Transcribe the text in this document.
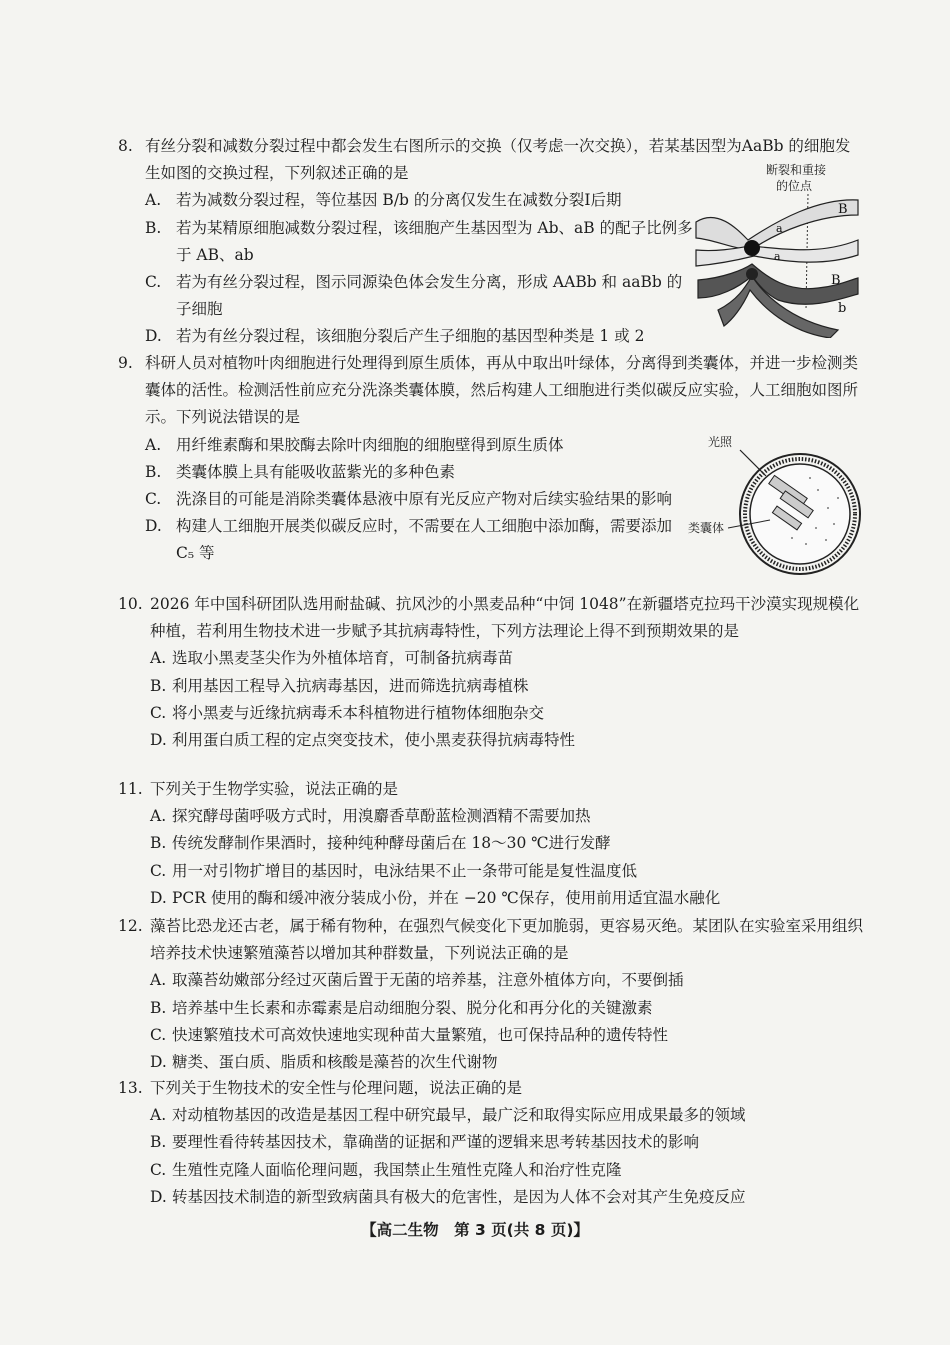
8. 有丝分裂和减数分裂过程中都会发生右图所示的交换（仅考虑一次交换），若某基因型为AaBb 的细胞发生如图的交换过程，下列叙述正确的是
A. 若为减数分裂过程，等位基因 B/b 的分离仅发生在减数分裂Ⅰ后期
B. 若为某精原细胞减数分裂过程，该细胞产生基因型为 Ab、aB 的配子比例多于 AB、ab
C. 若为有丝分裂过程，图示同源染色体会发生分离，形成 AABb 和 aaBb 的子细胞
D. 若为有丝分裂过程，该细胞分裂后产生子细胞的基因型种类是 1 或 2
断裂和重接
的位点
B
B
b
a
a
9. 科研人员对植物叶肉细胞进行处理得到原生质体，再从中取出叶绿体，分离得到类囊体，并进一步检测类囊体的活性。检测活性前应充分洗涤类囊体膜，然后构建人工细胞进行类似碳反应实验，人工细胞如图所示。下列说法错误的是
A. 用纤维素酶和果胶酶去除叶肉细胞的细胞壁得到原生质体
B. 类囊体膜上具有能吸收蓝紫光的多种色素
C. 洗涤目的可能是消除类囊体悬液中原有光反应产物对后续实验结果的影响
D. 构建人工细胞开展类似碳反应时，不需要在人工细胞中添加酶，需要添加 C₅ 等
光照
类囊体
10. 2026 年中国科研团队选用耐盐碱、抗风沙的小黑麦品种“中饲 1048”在新疆塔克拉玛干沙漠实现规模化种植，若利用生物技术进一步赋予其抗病毒特性，下列方法理论上得不到预期效果的是
A. 选取小黑麦茎尖作为外植体培育，可制备抗病毒苗
B. 利用基因工程导入抗病毒基因，进而筛选抗病毒植株
C. 将小黑麦与近缘抗病毒禾本科植物进行植物体细胞杂交
D. 利用蛋白质工程的定点突变技术，使小黑麦获得抗病毒特性
11. 下列关于生物学实验，说法正确的是
A. 探究酵母菌呼吸方式时，用溴麝香草酚蓝检测酒精不需要加热
B. 传统发酵制作果酒时，接种纯种酵母菌后在 18～30 ℃进行发酵
C. 用一对引物扩增目的基因时，电泳结果不止一条带可能是复性温度低
D. PCR 使用的酶和缓冲液分装成小份，并在 −20 ℃保存，使用前用适宜温水融化
12. 藻苔比恐龙还古老，属于稀有物种，在强烈气候变化下更加脆弱，更容易灭绝。某团队在实验室采用组织培养技术快速繁殖藻苔以增加其种群数量，下列说法正确的是
A. 取藻苔幼嫩部分经过灭菌后置于无菌的培养基，注意外植体方向，不要倒插
B. 培养基中生长素和赤霉素是启动细胞分裂、脱分化和再分化的关键激素
C. 快速繁殖技术可高效快速地实现种苗大量繁殖，也可保持品种的遗传特性
D. 糖类、蛋白质、脂质和核酸是藻苔的次生代谢物
13. 下列关于生物技术的安全性与伦理问题，说法正确的是
A. 对动植物基因的改造是基因工程中研究最早，最广泛和取得实际应用成果最多的领域
B. 要理性看待转基因技术，靠确凿的证据和严谨的逻辑来思考转基因技术的影响
C. 生殖性克隆人面临伦理问题，我国禁止生殖性克隆人和治疗性克隆
D. 转基因技术制造的新型致病菌具有极大的危害性，是因为人体不会对其产生免疫反应
【高二生物　第 3 页(共 8 页)】
